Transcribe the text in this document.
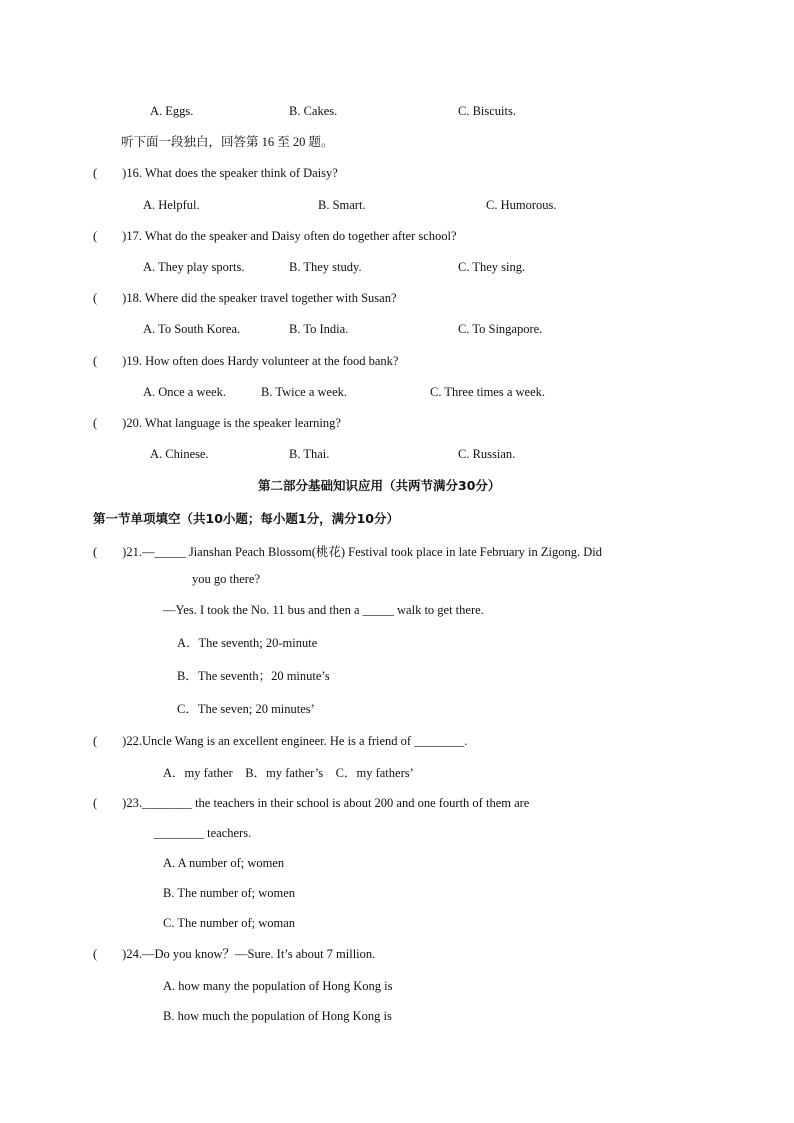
A. Eggs.	B. Cakes.	C. Biscuits.
听下面一段独白，回答第 16 至 20 题。
(　　)16. What does the speaker think of Daisy?
A. Helpful.	B. Smart.	C. Humorous.
(　　)17. What do the speaker and Daisy often do together after school?
A. They play sports.	B. They study.	C. They sing.
(　　)18. Where did the speaker travel together with Susan?
A. To South Korea.	B. To India.	C. To Singapore.
(　　)19. How often does Hardy volunteer at the food bank?
A. Once a week.	B. Twice a week.	C. Three times a week.
(　　)20. What language is the speaker learning?
A. Chinese.	B. Thai.	C. Russian.
第二部分基础知识应用（共两节满分30分）
第一节单项填空（共10小题；每小题1分，满分10分）
(　　)21.—_____ Jianshan Peach Blossom(桃花) Festival took place in late February in Zigong. Did
you go there?
—Yes. I took the No. 11 bus and then a _____ walk to get there.
A．The seventh; 20-minute
B．The seventh；20 minute’s
C．The seven; 20 minutes’
(　　)22.Uncle Wang is an excellent engineer. He is a friend of ________.
A．my father　B．my father’s　C．my fathers’
(　　)23.________ the teachers in their school is about 200 and one fourth of them are
________ teachers.
A. A number of; women
B. The number of; women
C. The number of; woman
(　　)24.—Do you know？—Sure. It’s about 7 million.
A. how many the population of Hong Kong is
B. how much the population of Hong Kong is
